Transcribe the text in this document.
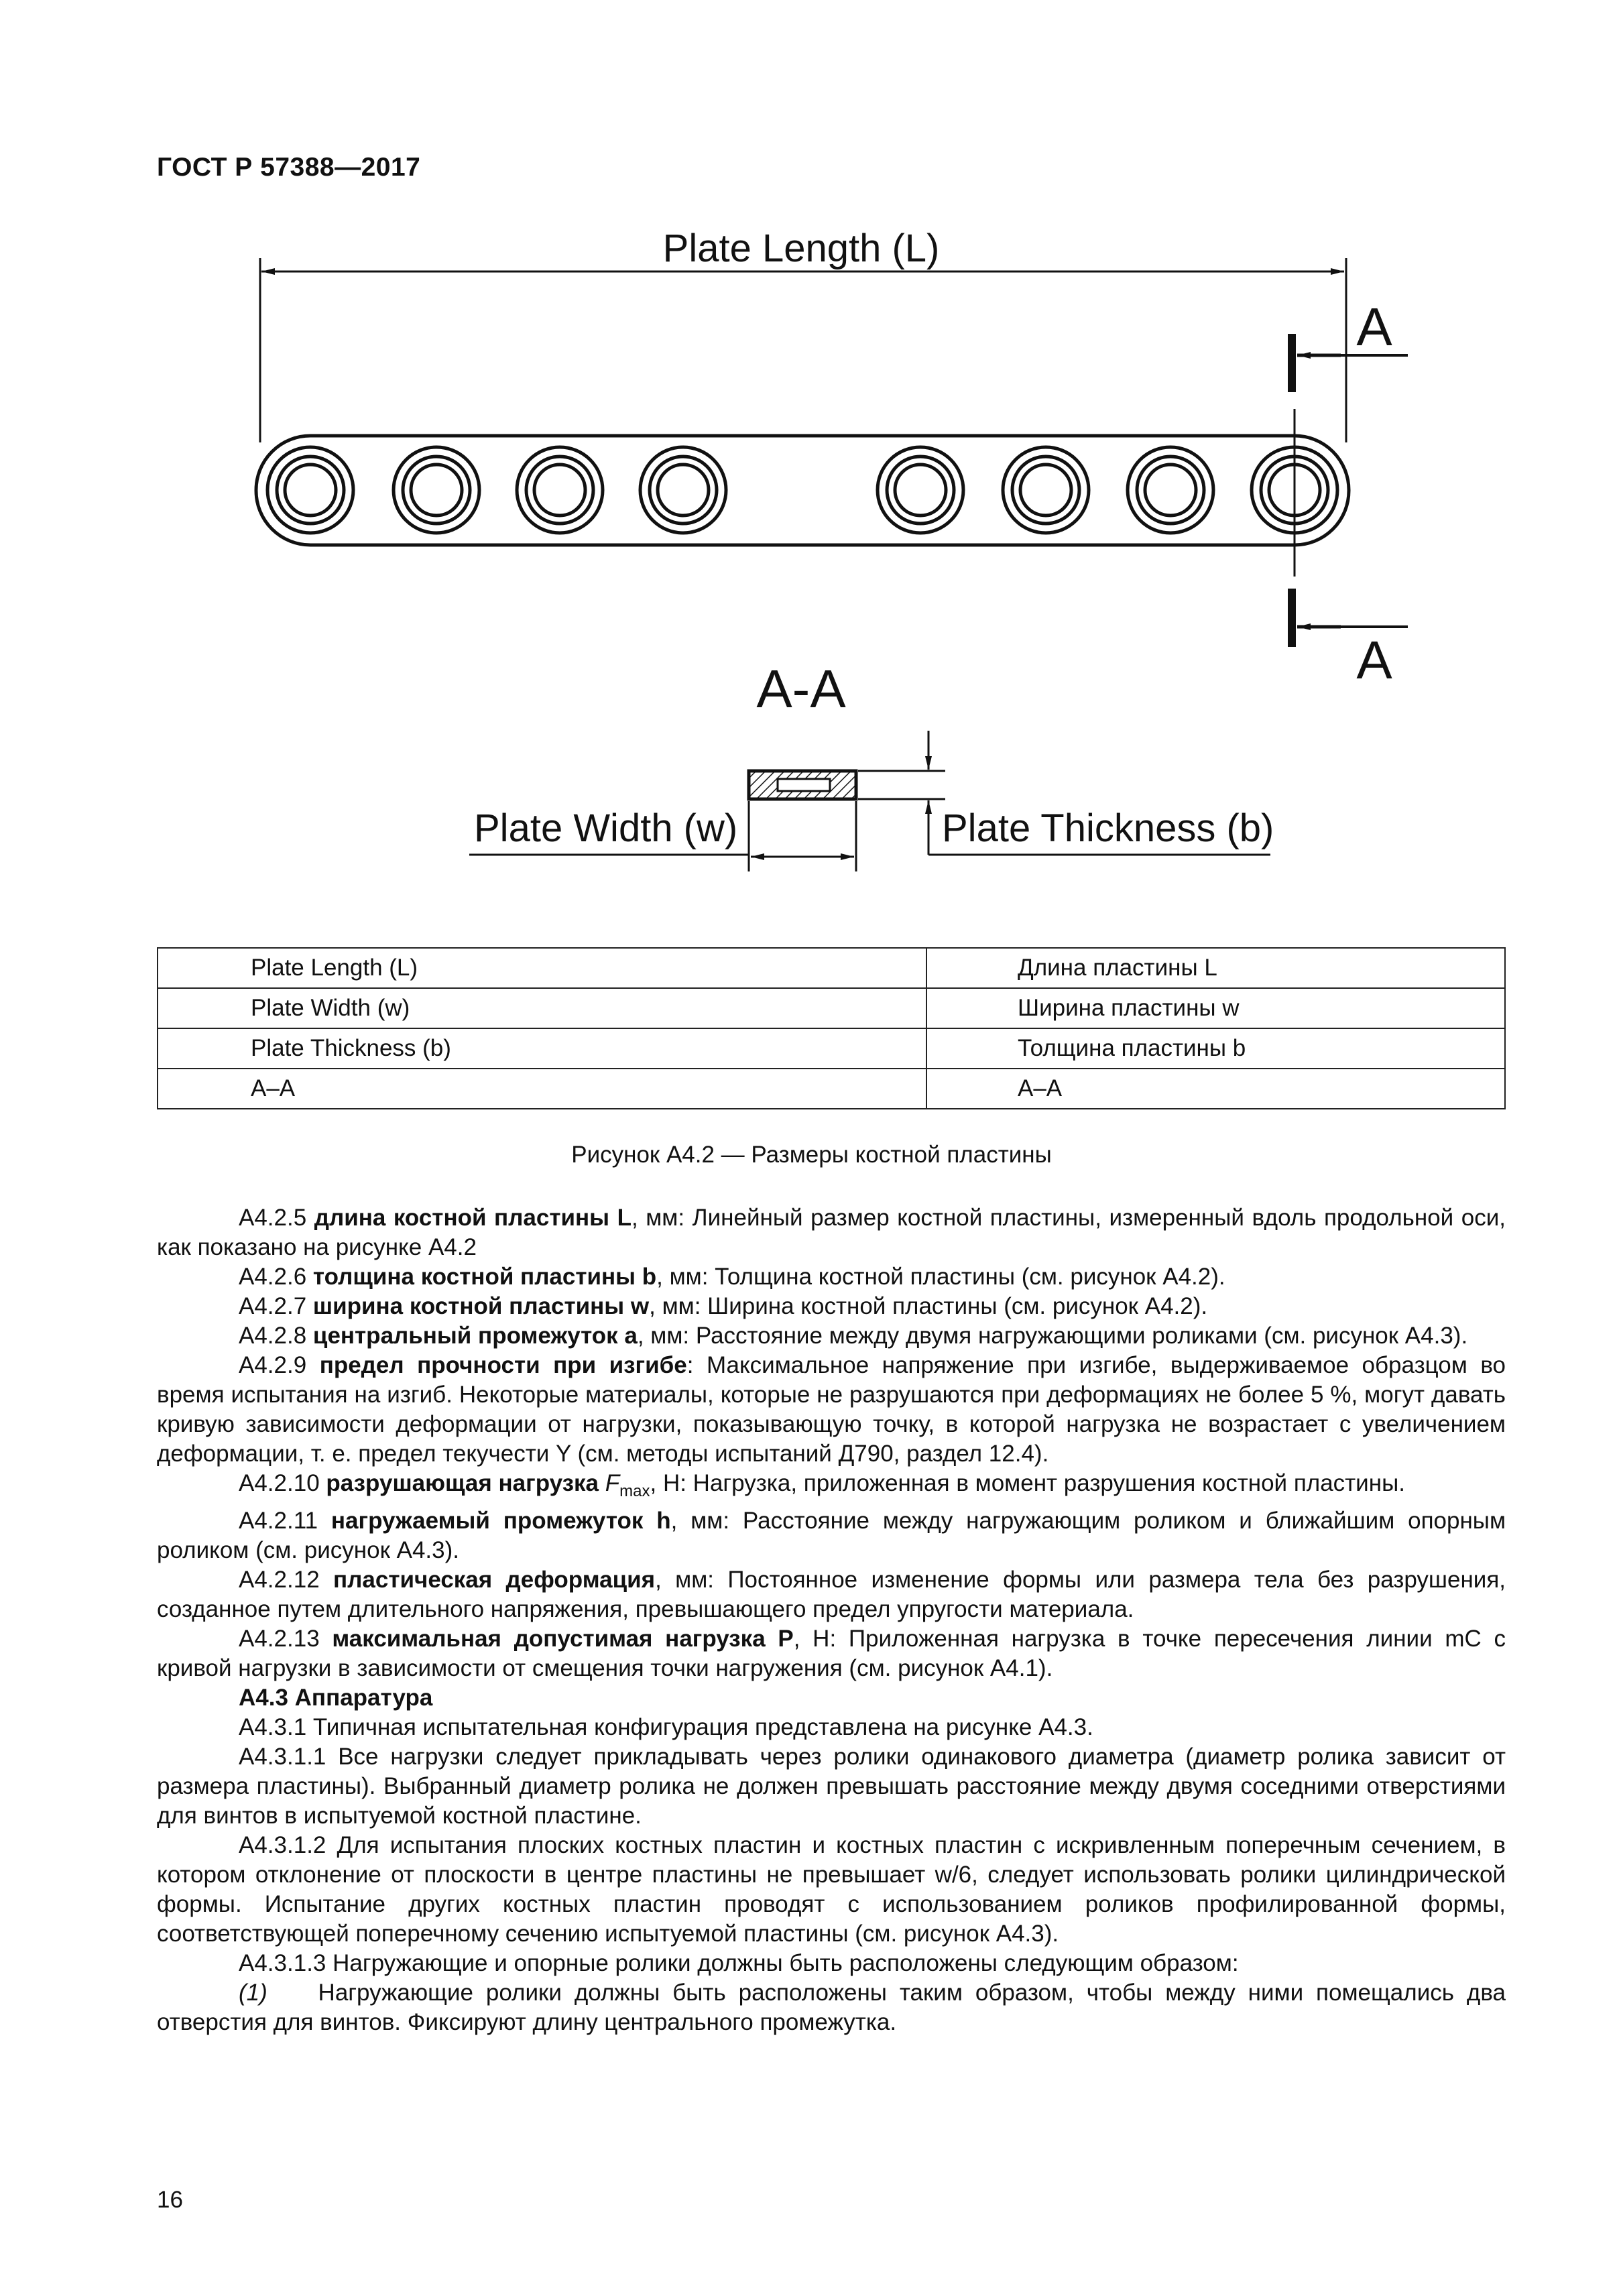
ГОСТ Р 57388—2017
Plate Length (L)
A
A
A-A
Plate Thickness (b)
Plate Width (w)
Plate Length (L)	Длина пластины L
Plate Width (w)	Ширина пластины w
Plate Thickness (b)	Толщина пластины b
А–А	А–А
Рисунок А4.2 — Размеры костной пластины

А4.2.5 длина костной пластины L, мм: Линейный размер костной пластины, измеренный вдоль продольной оси, как показано на рисунке А4.2

А4.2.6 толщина костной пластины b, мм: Толщина костной пластины (см. рисунок А4.2).

А4.2.7 ширина костной пластины w, мм: Ширина костной пластины (см. рисунок А4.2).

А4.2.8 центральный промежуток a, мм: Расстояние между двумя нагружающими роликами (см. рисунок А4.3).

А4.2.9 предел прочности при изгибе: Максимальное напряжение при изгибе, выдерживаемое образцом во время испытания на изгиб. Некоторые материалы, которые не разрушаются при деформациях не более 5 %, могут давать кривую зависимости деформации от нагрузки, показывающую точку, в которой нагрузка не возрастает с увеличением деформации, т. е. предел текучести Y (см. методы испытаний Д790, раздел 12.4).

А4.2.10 разрушающая нагрузка $F_{max}$, Н: Нагрузка, приложенная в момент разрушения костной пластины.

А4.2.11 нагружаемый промежуток h, мм: Расстояние между нагружающим роликом и ближайшим опорным роликом (см. рисунок А4.3).

А4.2.12 пластическая деформация, мм: Постоянное изменение формы или размера тела без разрушения, созданное путем длительного напряжения, превышающего предел упругости материала.

А4.2.13 максимальная допустимая нагрузка P, Н: Приложенная нагрузка в точке пересечения линии mC с кривой нагрузки в зависимости от смещения точки нагружения (см. рисунок А4.1).

А4.3 Аппаратура

А4.3.1 Типичная испытательная конфигурация представлена на рисунке А4.3.

А4.3.1.1 Все нагрузки следует прикладывать через ролики одинакового диаметра (диаметр ролика зависит от размера пластины). Выбранный диаметр ролика не должен превышать расстояние между двумя соседними отверстиями для винтов в испытуемой костной пластине.

А4.3.1.2 Для испытания плоских костных пластин и костных пластин с искривленным поперечным сечением, в котором отклонение от плоскости в центре пластины не превышает w/6, следует использовать ролики цилиндрической формы. Испытание других костных пластин проводят с использованием роликов профилированной формы, соответствующей поперечному сечению испытуемой пластины (см. рисунок А4.3).

А4.3.1.3 Нагружающие и опорные ролики должны быть расположены следующим образом:

(1) Нагружающие ролики должны быть расположены таким образом, чтобы между ними помещались два отверстия для винтов. Фиксируют длину центрального промежутка.

16
